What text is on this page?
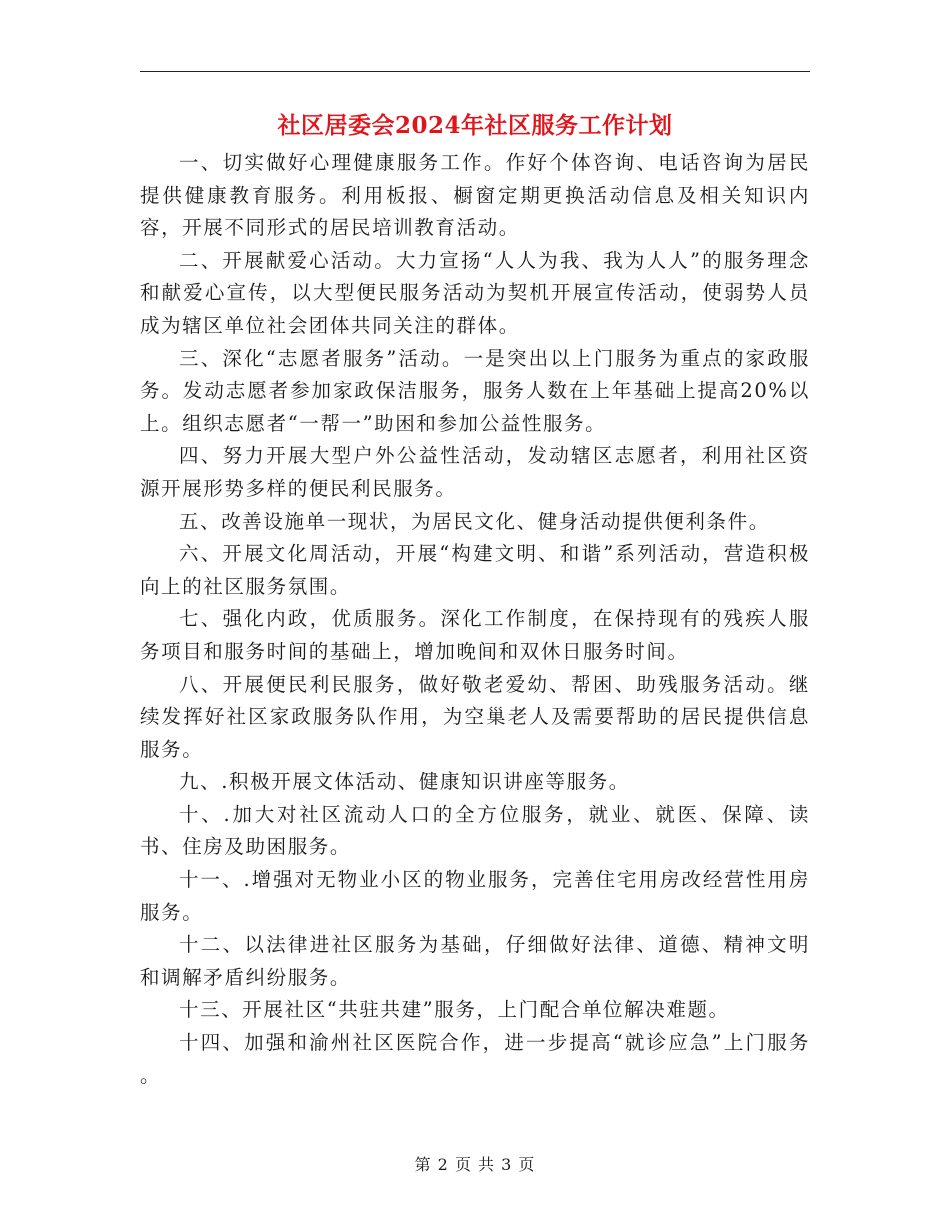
社区居委会2024年社区服务工作计划

一、切实做好心理健康服务工作。作好个体咨询、电话咨询为居民提供健康教育服务。利用板报、橱窗定期更换活动信息及相关知识内容，开展不同形式的居民培训教育活动。

二、开展献爱心活动。大力宣扬“人人为我、我为人人”的服务理念和献爱心宣传，以大型便民服务活动为契机开展宣传活动，使弱势人员成为辖区单位社会团体共同关注的群体。

三、深化“志愿者服务”活动。一是突出以上门服务为重点的家政服务。发动志愿者参加家政保洁服务，服务人数在上年基础上提高20%以上。组织志愿者“一帮一”助困和参加公益性服务。

四、努力开展大型户外公益性活动，发动辖区志愿者，利用社区资源开展形势多样的便民利民服务。

五、改善设施单一现状，为居民文化、健身活动提供便利条件。

六、开展文化周活动，开展“构建文明、和谐”系列活动，营造积极向上的社区服务氛围。

七、强化内政，优质服务。深化工作制度，在保持现有的残疾人服务项目和服务时间的基础上，增加晚间和双休日服务时间。

八、开展便民利民服务，做好敬老爱幼、帮困、助残服务活动。继续发挥好社区家政服务队作用，为空巢老人及需要帮助的居民提供信息服务。

九、.积极开展文体活动、健康知识讲座等服务。

十、.加大对社区流动人口的全方位服务，就业、就医、保障、读书、住房及助困服务。

十一、.增强对无物业小区的物业服务，完善住宅用房改经营性用房服务。

十二、以法律进社区服务为基础，仔细做好法律、道德、精神文明和调解矛盾纠纷服务。

十三、开展社区“共驻共建”服务，上门配合单位解决难题。

十四、加强和渝州社区医院合作，进一步提高“就诊应急”上门服务 。

第 2 页 共 3 页
